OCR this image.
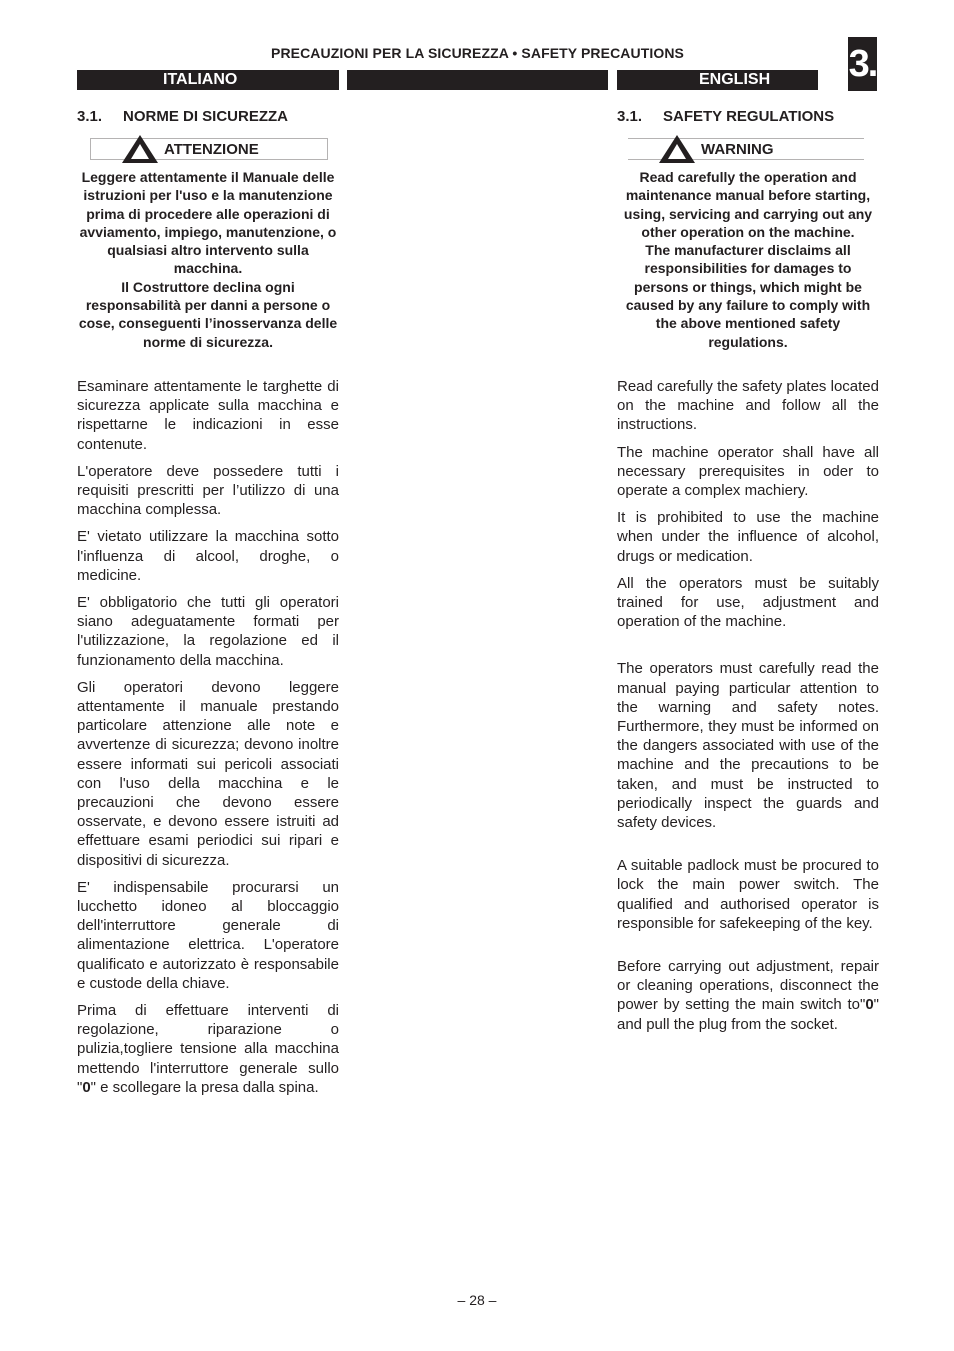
PRECAUZIONI PER LA SICUREZZA • SAFETY PRECAUTIONS	3.
ITALIANO	ENGLISH
3.1.	NORME DI SICUREZZA
ATTENZIONE

Leggere attentamente il Manuale delle istruzioni per l'uso e la manutenzione prima di procedere alle operazioni di avviamento, impiego, manutenzione, o qualsiasi altro intervento sulla macchina.

Il Costruttore declina ogni responsabilità per danni a persone o cose, conseguenti l’inosservanza delle norme di sicurezza.

Esaminare attentamente le targhette di sicurezza applicate sulla macchina e rispettarne le indicazioni in esse contenute.

L'operatore deve possedere tutti i requisiti prescritti per l’utilizzo di una macchina complessa.

E' vietato utilizzare la macchina sotto l'influenza di alcool, droghe, o medicine.

E' obbligatorio che tutti gli operatori siano adeguatamente formati per l'utilizzazione, la regolazione ed il funzionamento della macchina.

Gli operatori devono leggere attentamente il manuale prestando particolare attenzione alle note e avvertenze di sicurezza; devono inoltre essere informati sui pericoli associati con l'uso della macchina e le precauzioni che devono essere osservate, e devono essere istruiti ad effettuare esami periodici sui ripari e dispositivi di sicurezza.

E' indispensabile procurarsi un lucchetto idoneo al bloccaggio dell'interruttore generale di alimentazione elettrica. L'operatore qualificato e autorizzato è responsabile e custode della chiave.

Prima di effettuare interventi di regolazione, riparazione o pulizia,togliere tensione alla macchina mettendo l'interruttore generale sullo "0" e scollegare la presa dalla spina.

3.1.	SAFETY REGULATIONS
WARNING

Read carefully the operation and maintenance manual before starting, using, servicing and carrying out any other operation on the machine.

The manufacturer disclaims all responsibilities for damages to persons or things, which might be caused by any failure to comply with the above mentioned safety regulations.

Read carefully the safety plates located on the machine and follow all the instructions.

The machine operator shall have all necessary prerequisites in oder to operate a complex machiery.

It is prohibited to use the machine when under the influence of alcohol, drugs or medication.

All the operators must be suitably trained for use, adjustment and operation of the machine.

The operators must carefully read the manual paying particular attention to the warning and safety notes. Furthermore, they must be informed on the dangers associated with use of the machine and the precautions to be taken, and must be instructed to periodically inspect the guards and safety devices.

A suitable padlock must be procured to lock the main power switch. The qualified and authorised operator is responsible for safekeeping of the key.

Before carrying out adjustment, repair or cleaning operations, disconnect the power by setting the main switch to"0" and pull the plug from the socket.

– 28 –
